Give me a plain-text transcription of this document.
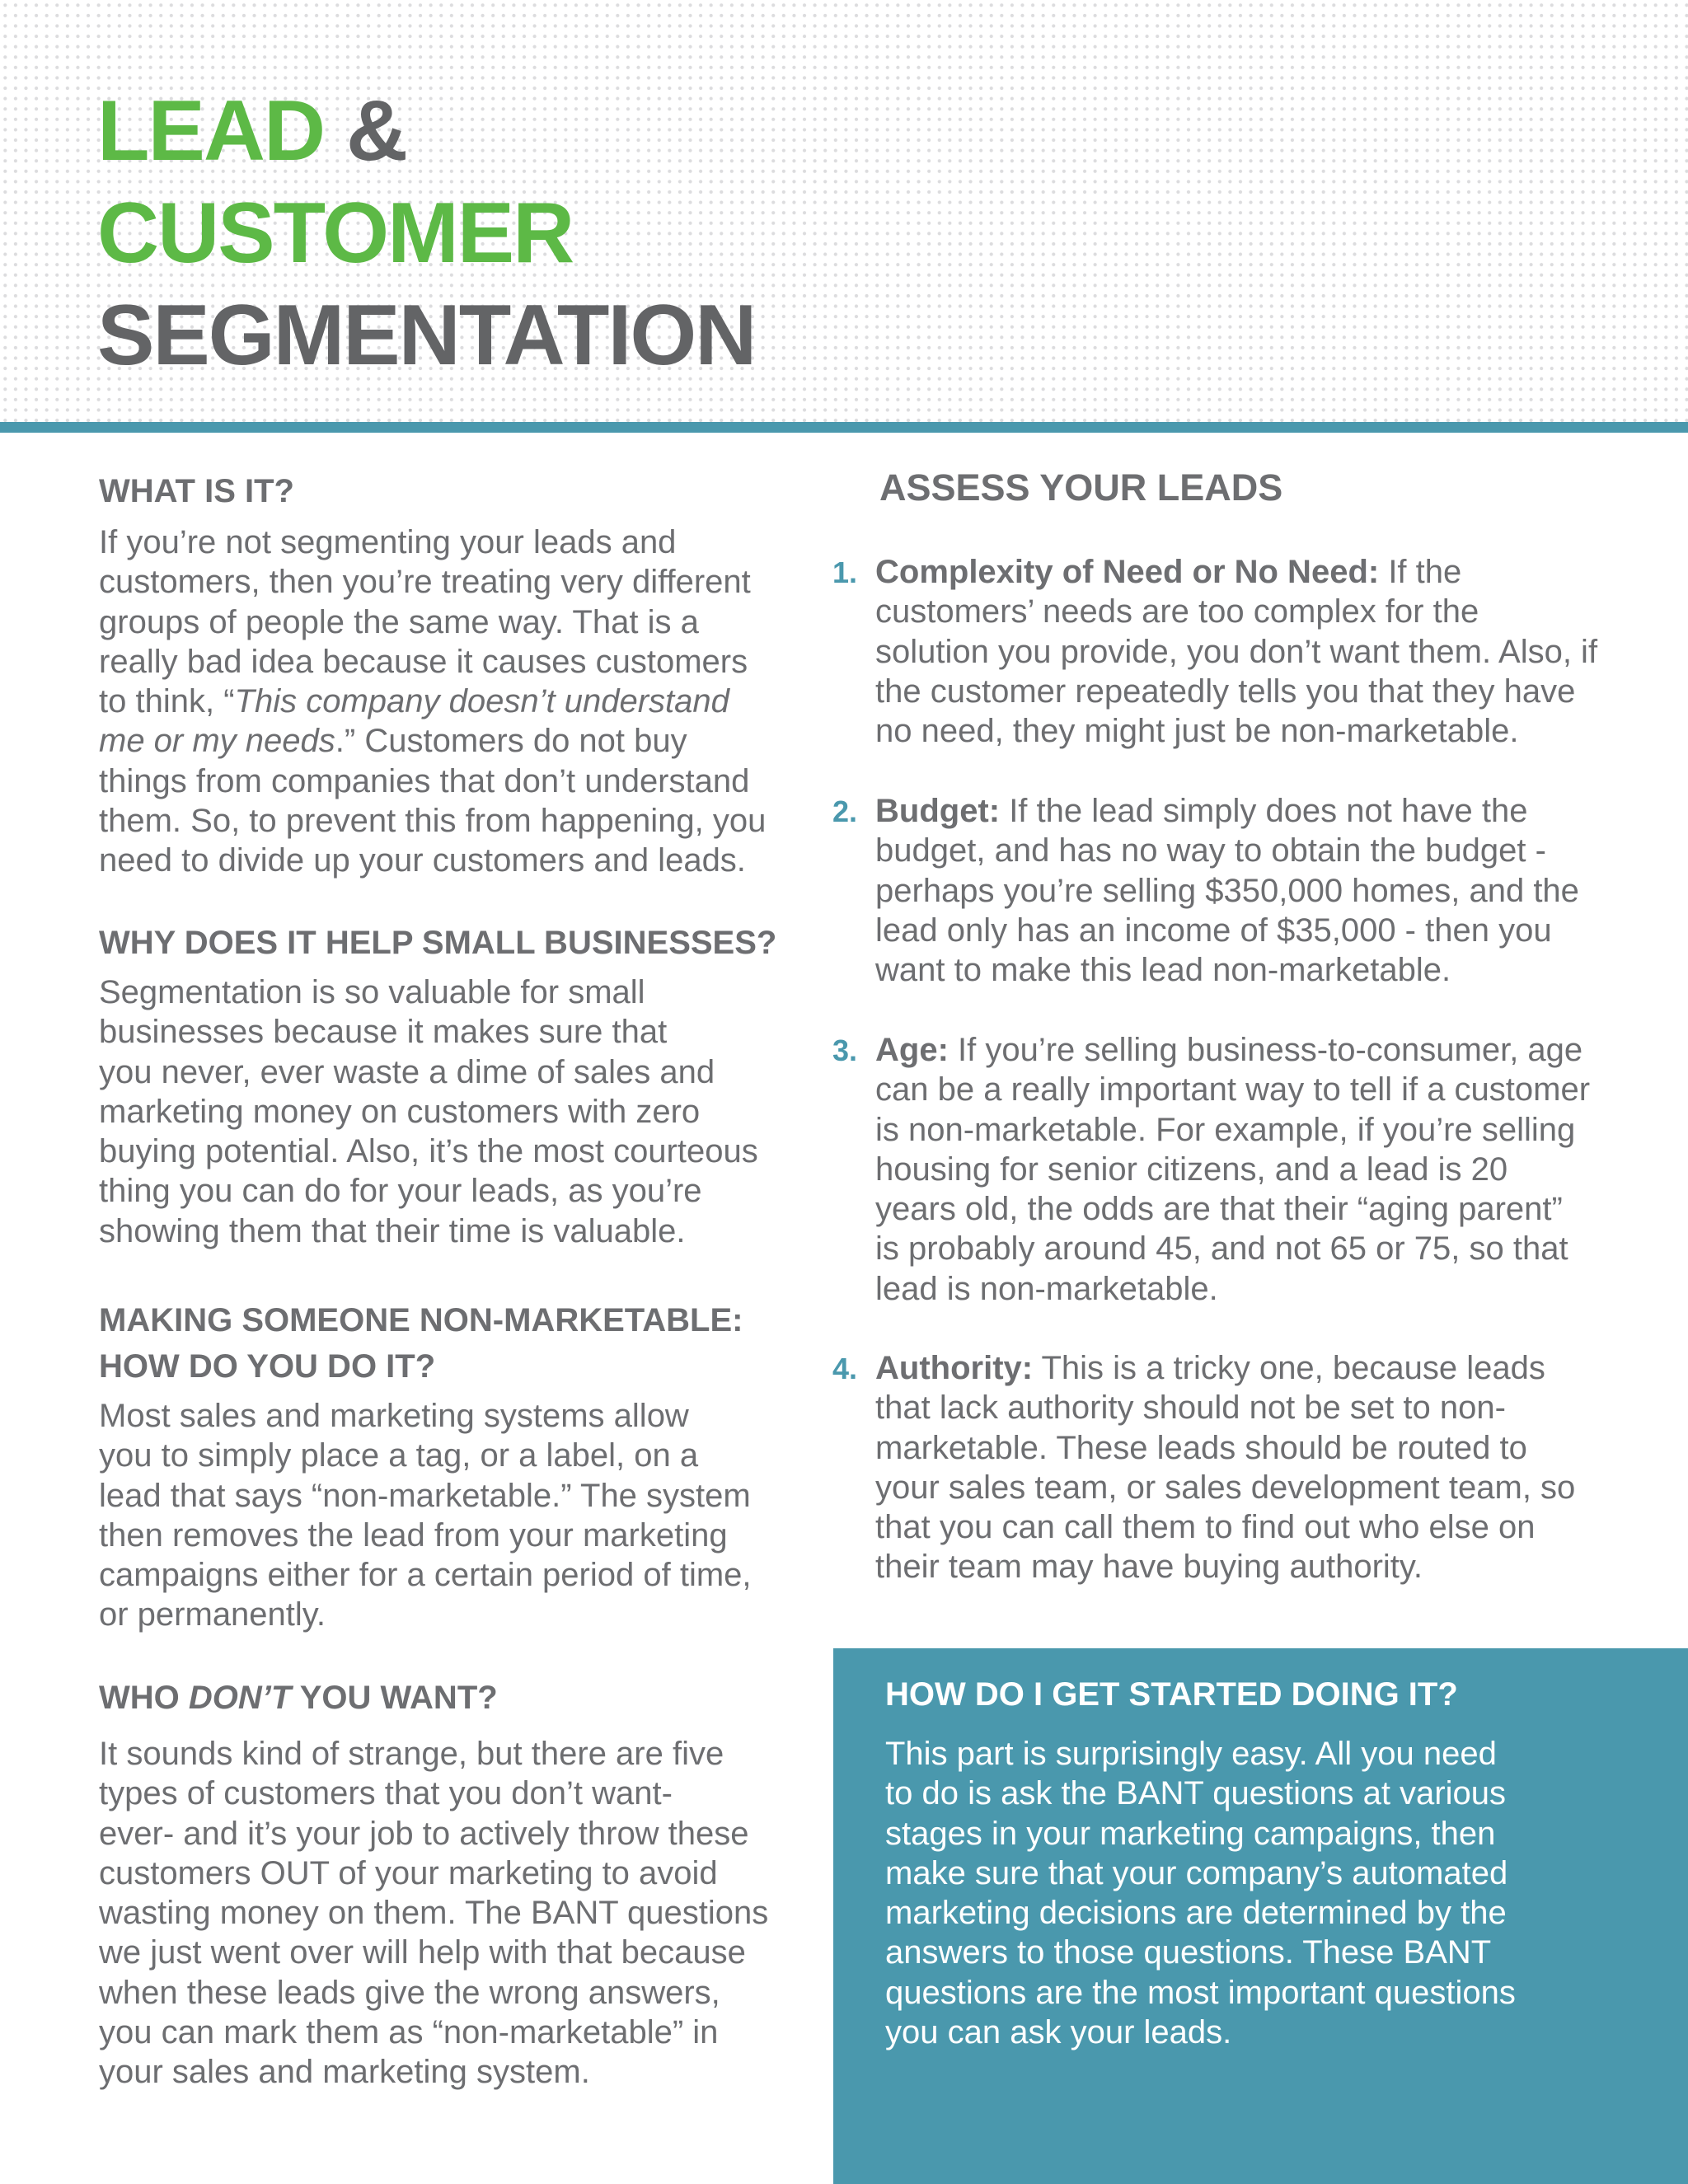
LEAD &
CUSTOMER
SEGMENTATION
WHAT IS IT?

If you’re not segmenting your leads and
customers, then you’re treating very different
groups of people the same way. That is a
really bad idea because it causes customers
to think, “This company doesn’t understand
me or my needs.” Customers do not buy
things from companies that don’t understand
them. So, to prevent this from happening, you
need to divide up your customers and leads.

WHY DOES IT HELP SMALL BUSINESSES?

Segmentation is so valuable for small
businesses because it makes sure that
you never, ever waste a dime of sales and
marketing money on customers with zero
buying potential. Also, it’s the most courteous
thing you can do for your leads, as you’re
showing them that their time is valuable.

MAKING SOMEONE NON-MARKETABLE:
HOW DO YOU DO IT?

Most sales and marketing systems allow
you to simply place a tag, or a label, on a
lead that says “non-marketable.” The system
then removes the lead from your marketing
campaigns either for a certain period of time,
or permanently.

WHO DON’T YOU WANT?

It sounds kind of strange, but there are five
types of customers that you don’t want-
ever- and it’s your job to actively throw these
customers OUT of your marketing to avoid
wasting money on them. The BANT questions
we just went over will help with that because
when these leads give the wrong answers,
you can mark them as “non-marketable” in
your sales and marketing system.

ASSESS YOUR LEADS
1. Complexity of Need or No Need: If the
customers’ needs are too complex for the
solution you provide, you don’t want them. Also, if
the customer repeatedly tells you that they have
no need, they might just be non-marketable.

2. Budget: If the lead simply does not have the
budget, and has no way to obtain the budget -
perhaps you’re selling $350,000 homes, and the
lead only has an income of $35,000 - then you
want to make this lead non-marketable.

3. Age: If you’re selling business-to-consumer, age
can be a really important way to tell if a customer
is non-marketable. For example, if you’re selling
housing for senior citizens, and a lead is 20
years old, the odds are that their “aging parent”
is probably around 45, and not 65 or 75, so that
lead is non-marketable.

4. Authority: This is a tricky one, because leads
that lack authority should not be set to non-
marketable. These leads should be routed to
your sales team, or sales development team, so
that you can call them to find out who else on
their team may have buying authority.

HOW DO I GET STARTED DOING IT?

This part is surprisingly easy. All you need
to do is ask the BANT questions at various
stages in your marketing campaigns, then
make sure that your company’s automated
marketing decisions are determined by the
answers to those questions. These BANT
questions are the most important questions
you can ask your leads.
